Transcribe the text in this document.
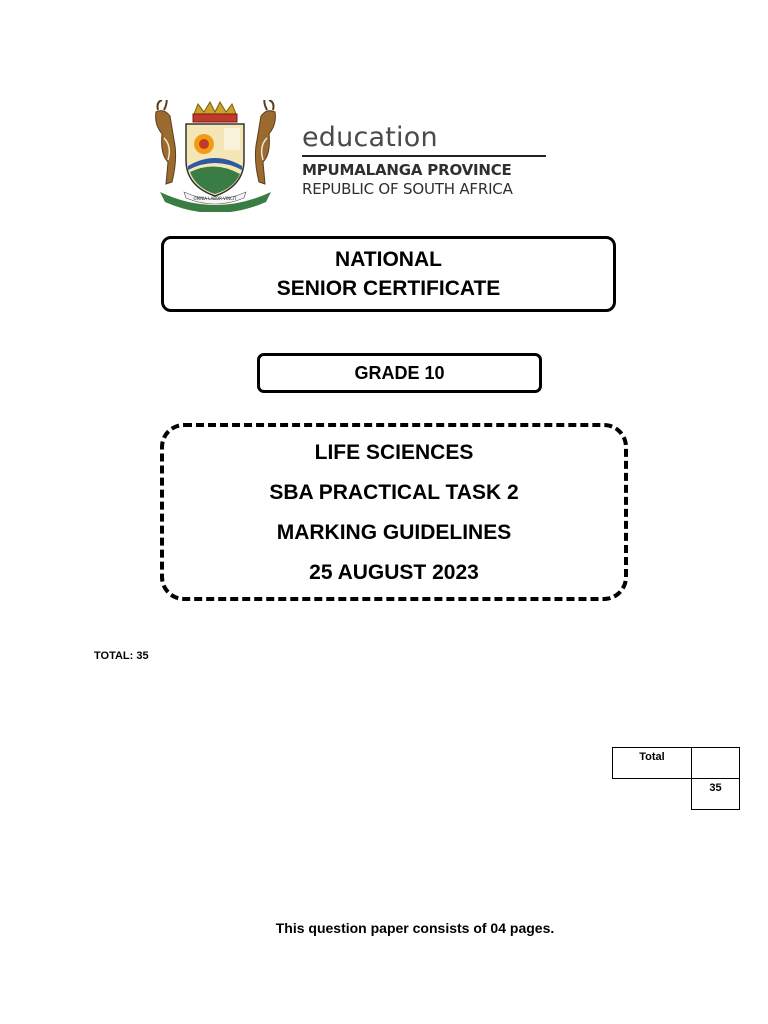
OMNIA LABOR VINCIT
education
MPUMALANGA PROVINCE
REPUBLIC OF SOUTH AFRICA
NATIONAL
SENIOR CERTIFICATE
GRADE 10
LIFE SCIENCES
SBA PRACTICAL TASK 2
MARKING GUIDELINES
25 AUGUST 2023
TOTAL: 35
Total	
	35
This question paper consists of 04 pages.
